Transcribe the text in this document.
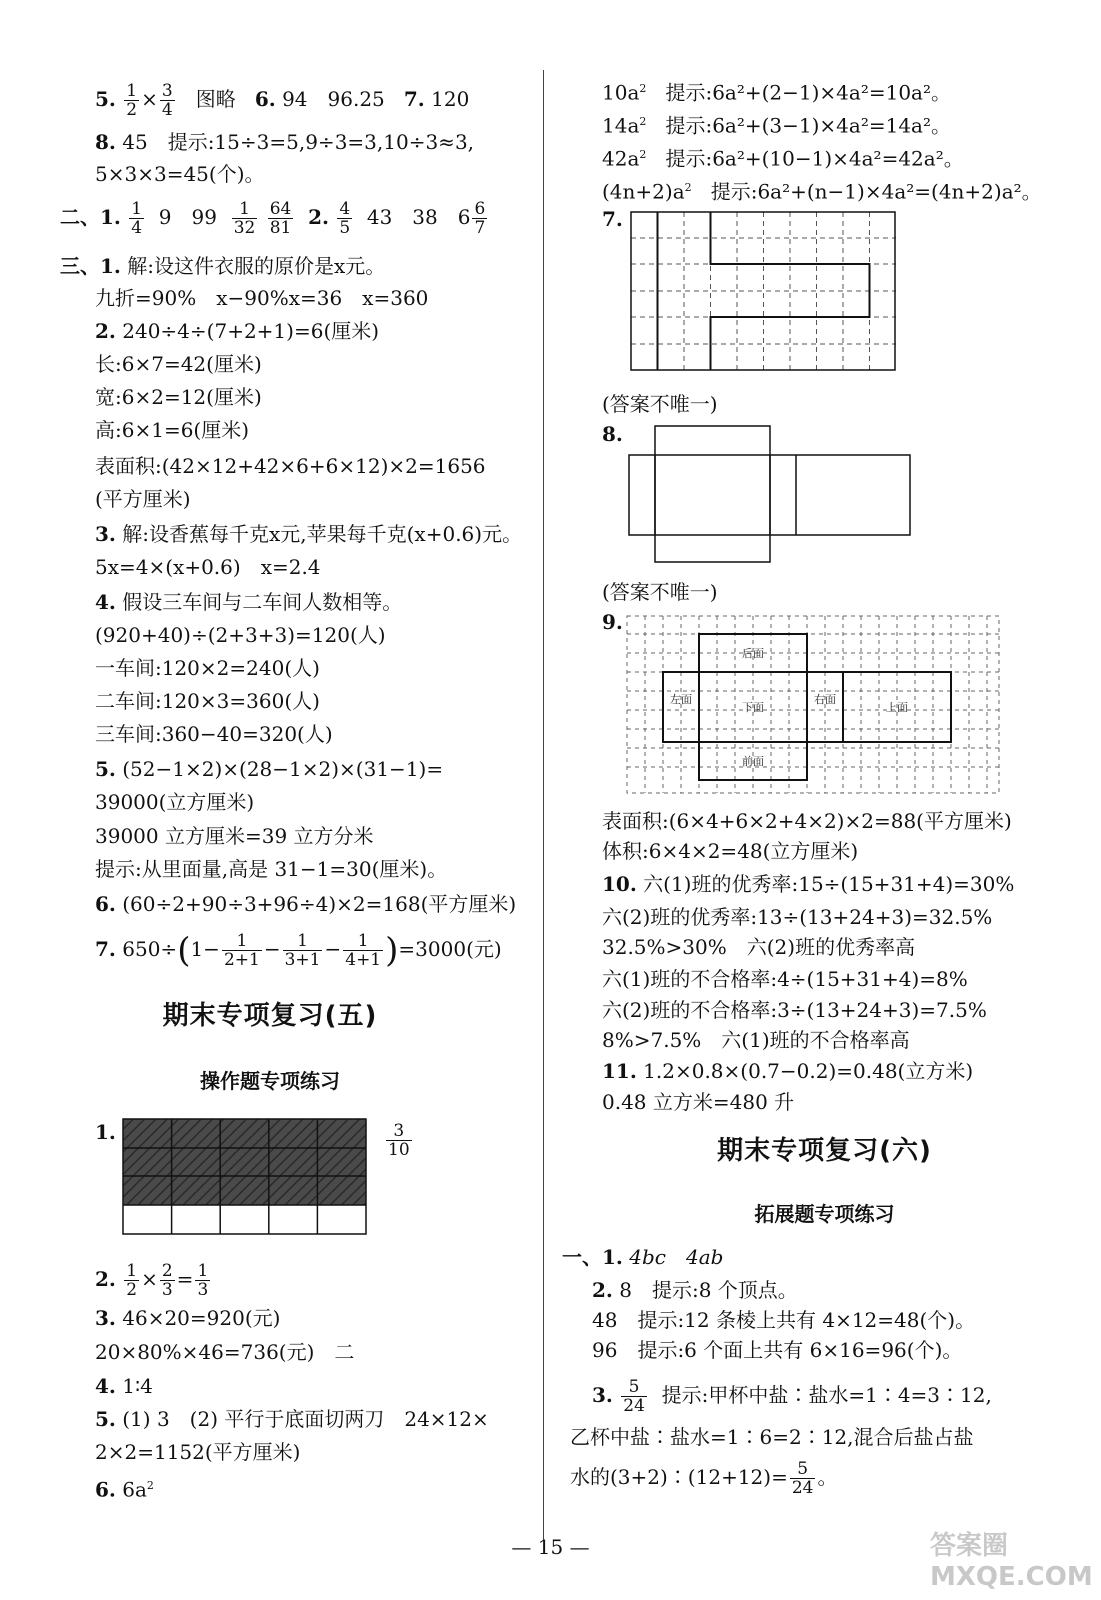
5. $\frac{1}{2} \times \frac{3}{4}$ 图略 6. 94　96.25 7. 120
8. 45　提示:15÷3=5,9÷3=3,10÷3≈3,
5×3×3=45(个)。
二、1. $\frac{1}{4} 9$　$99 \frac{1}{32}$
$\frac{64}{81} 2$. $\frac{4}{5} 43$　38　$6 \frac{6}{7}$
三、1. 解:设这件衣服的原价是x元。
九折=90%　x−90%x=36　x=360
2. 240÷4÷(7+2+1)=6(厘米)
长:6×7=42(厘米)
宽:6×2=12(厘米)
高:6×1=6(厘米)
表面积:(42×12+42×6+6×12)×2=1656
(平方厘米)
3. 解:设香蕉每千克x元,苹果每千克(x+0.6)元。
5x=4×(x+0.6)　x=2.4
4. 假设三车间与二车间人数相等。
(920+40)÷(2+3+3)=120(人)
一车间:120×2=240(人)
二车间:120×3=360(人)
三车间:360−40=320(人)
5. (52−1×2)×(28−1×2)×(31−1)=
39000(立方厘米)
39000 立方厘米=39 立方分米
提示:从里面量,高是 31−1=30(厘米)。
6. (60÷2+90÷3+96÷4)×2=168(平方厘米)
7. $650\div(1- \frac{1}{2+1} - \frac{1}{3+1} - \frac{1}{4+1} )=3000$(元)
期末专项复习(五)
操作题专项练习
1.	$\frac{3}{10}$
2. $\frac{1}{2} \times \frac{2}{3} = \frac{1}{3}$
3. 46×20=920(元)
20×80%×46=736(元)　二
4. 1∶4
5. (1) 3　(2) 平行于底面切两刀　24×12×
2×2=1152(平方厘米)
6. $6a^2$
$10a^2$ 提示:6a²+(2−1)×4a²=10a²。
$14a^2$ 提示:6a²+(3−1)×4a²=14a²。
$42a^2$ 提示:6a²+(10−1)×4a²=42a²。
$(4n+2)a^2$ 提示:6a²+(n−1)×4a²=(4n+2)a²。
7.
(答案不唯一)
8.
(答案不唯一)
9.
后面
左面
下面
右面
上面
前面
表面积:(6×4+6×2+4×2)×2=88(平方厘米)
体积:6×4×2=48(立方厘米)
10. 六(1)班的优秀率:15÷(15+31+4)=30%
六(2)班的优秀率:13÷(13+24+3)=32.5%
32.5%>30%　六(2)班的优秀率高
六(1)班的不合格率:4÷(15+31+4)=8%
六(2)班的不合格率:3÷(13+24+3)=7.5%
8%>7.5%　六(1)班的不合格率高
11. 1.2×0.8×(0.7−0.2)=0.48(立方米)
0.48 立方米=480 升
期末专项复习(六)
拓展题专项练习
一、1. 4bc　4ab
2. 8　提示:8 个顶点。
48　提示:12 条棱上共有 4×12=48(个)。
96　提示:6 个面上共有 6×16=96(个)。
3. $\frac{5}{24}$ 提示:甲杯中盐∶盐水=1∶4=3∶12,
乙杯中盐∶盐水=1∶6=2∶12,混合后盐占盐
水的(3+2)∶(12+12)= $\frac{5}{24}$ 。
— 15 —	答案圈 MXQE.COM
